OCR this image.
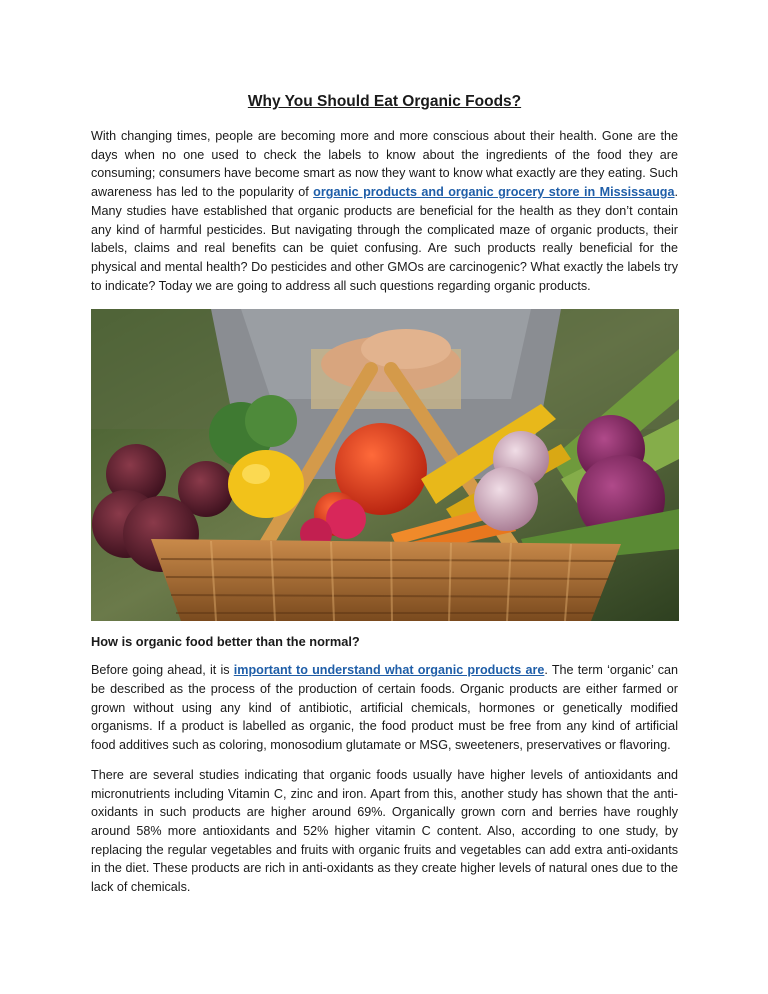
Why You Should Eat Organic Foods?

With changing times, people are becoming more and more conscious about their health. Gone are the days when no one used to check the labels to know about the ingredients of the food they are consuming; consumers have become smart as now they want to know what exactly are they eating. Such awareness has led to the popularity of organic products and organic grocery store in Mississauga. Many studies have established that organic products are beneficial for the health as they don’t contain any kind of harmful pesticides. But navigating through the complicated maze of organic products, their labels, claims and real benefits can be quiet confusing. Are such products really beneficial for the physical and mental health? Do pesticides and other GMOs are carcinogenic? What exactly the labels try to indicate? Today we are going to address all such questions regarding organic products.

How is organic food better than the normal?

Before going ahead, it is important to understand what organic products are. The term ‘organic’ can be described as the process of the production of certain foods. Organic products are either farmed or grown without using any kind of antibiotic, artificial chemicals, hormones or genetically modified organisms. If a product is labelled as organic, the food product must be free from any kind of artificial food additives such as coloring, monosodium glutamate or MSG, sweeteners, preservatives or flavoring.

There are several studies indicating that organic foods usually have higher levels of antioxidants and micronutrients including Vitamin C, zinc and iron. Apart from this, another study has shown that the anti-oxidants in such products are higher around 69%. Organically grown corn and berries have roughly around 58% more antioxidants and 52% higher vitamin C content. Also, according to one study, by replacing the regular vegetables and fruits with organic fruits and vegetables can add extra anti-oxidants in the diet. These products are rich in anti-oxidants as they create higher levels of natural ones due to the lack of chemicals.
